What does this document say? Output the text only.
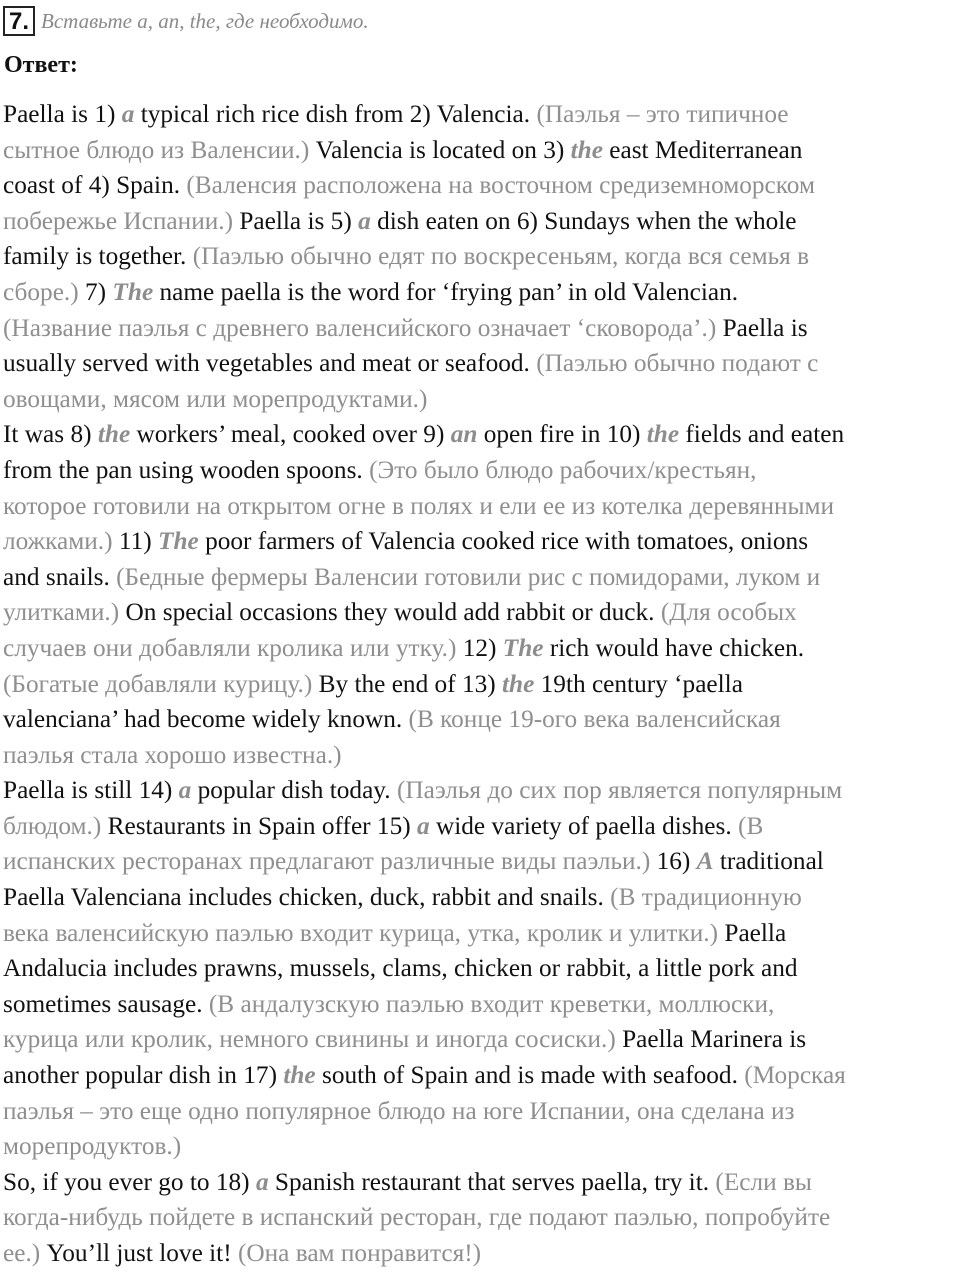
7. Вставьте a, an, the, где необходимо.
Ответ:
Paella is 1) a typical rich rice dish from 2) Valencia. (Паэлья – это типичное
сытное блюдо из Валенсии.) Valencia is located on 3) the east Mediterranean
coast of 4) Spain. (Валенсия расположена на восточном средиземноморском
побережье Испании.) Paella is 5) a dish eaten on 6) Sundays when the whole
family is together. (Паэлью обычно едят по воскресеньям, когда вся семья в
сборе.) 7) The name paella is the word for ‘frying pan’ in old Valencian.
(Название паэлья с древнего валенсийского означает ‘сковорода’.) Paella is
usually served with vegetables and meat or seafood. (Паэлью обычно подают с
овощами, мясом или морепродуктами.)
It was 8) the workers’ meal, cooked over 9) an open fire in 10) the fields and eaten
from the pan using wooden spoons. (Это было блюдо рабочих/крестьян,
которое готовили на открытом огне в полях и ели ее из котелка деревянными
ложками.) 11) The poor farmers of Valencia cooked rice with tomatoes, onions
and snails. (Бедные фермеры Валенсии готовили рис с помидорами, луком и
улитками.) On special occasions they would add rabbit or duck. (Для особых
случаев они добавляли кролика или утку.) 12) The rich would have chicken.
(Богатые добавляли курицу.) By the end of 13) the 19th century ‘paella
valenciana’ had become widely known. (В конце 19-ого века валенсийская
паэлья стала хорошо известна.)
Paella is still 14) a popular dish today. (Паэлья до сих пор является популярным
блюдом.) Restaurants in Spain offer 15) a wide variety of paella dishes. (В
испанских ресторанах предлагают различные виды паэльи.) 16) A traditional
Paella Valenciana includes chicken, duck, rabbit and snails. (В традиционную
века валенсийскую паэлью входит курица, утка, кролик и улитки.) Paella
Andalucia includes prawns, mussels, clams, chicken or rabbit, a little pork and
sometimes sausage. (В андалузскую паэлью входит креветки, моллюски,
курица или кролик, немного свинины и иногда сосиски.) Paella Marinera is
another popular dish in 17) the south of Spain and is made with seafood. (Морская
паэлья – это еще одно популярное блюдо на юге Испании, она сделана из
морепродуктов.)
So, if you ever go to 18) a Spanish restaurant that serves paella, try it. (Если вы
когда-нибудь пойдете в испанский ресторан, где подают паэлью, попробуйте
ее.) You’ll just love it! (Она вам понравится!)
